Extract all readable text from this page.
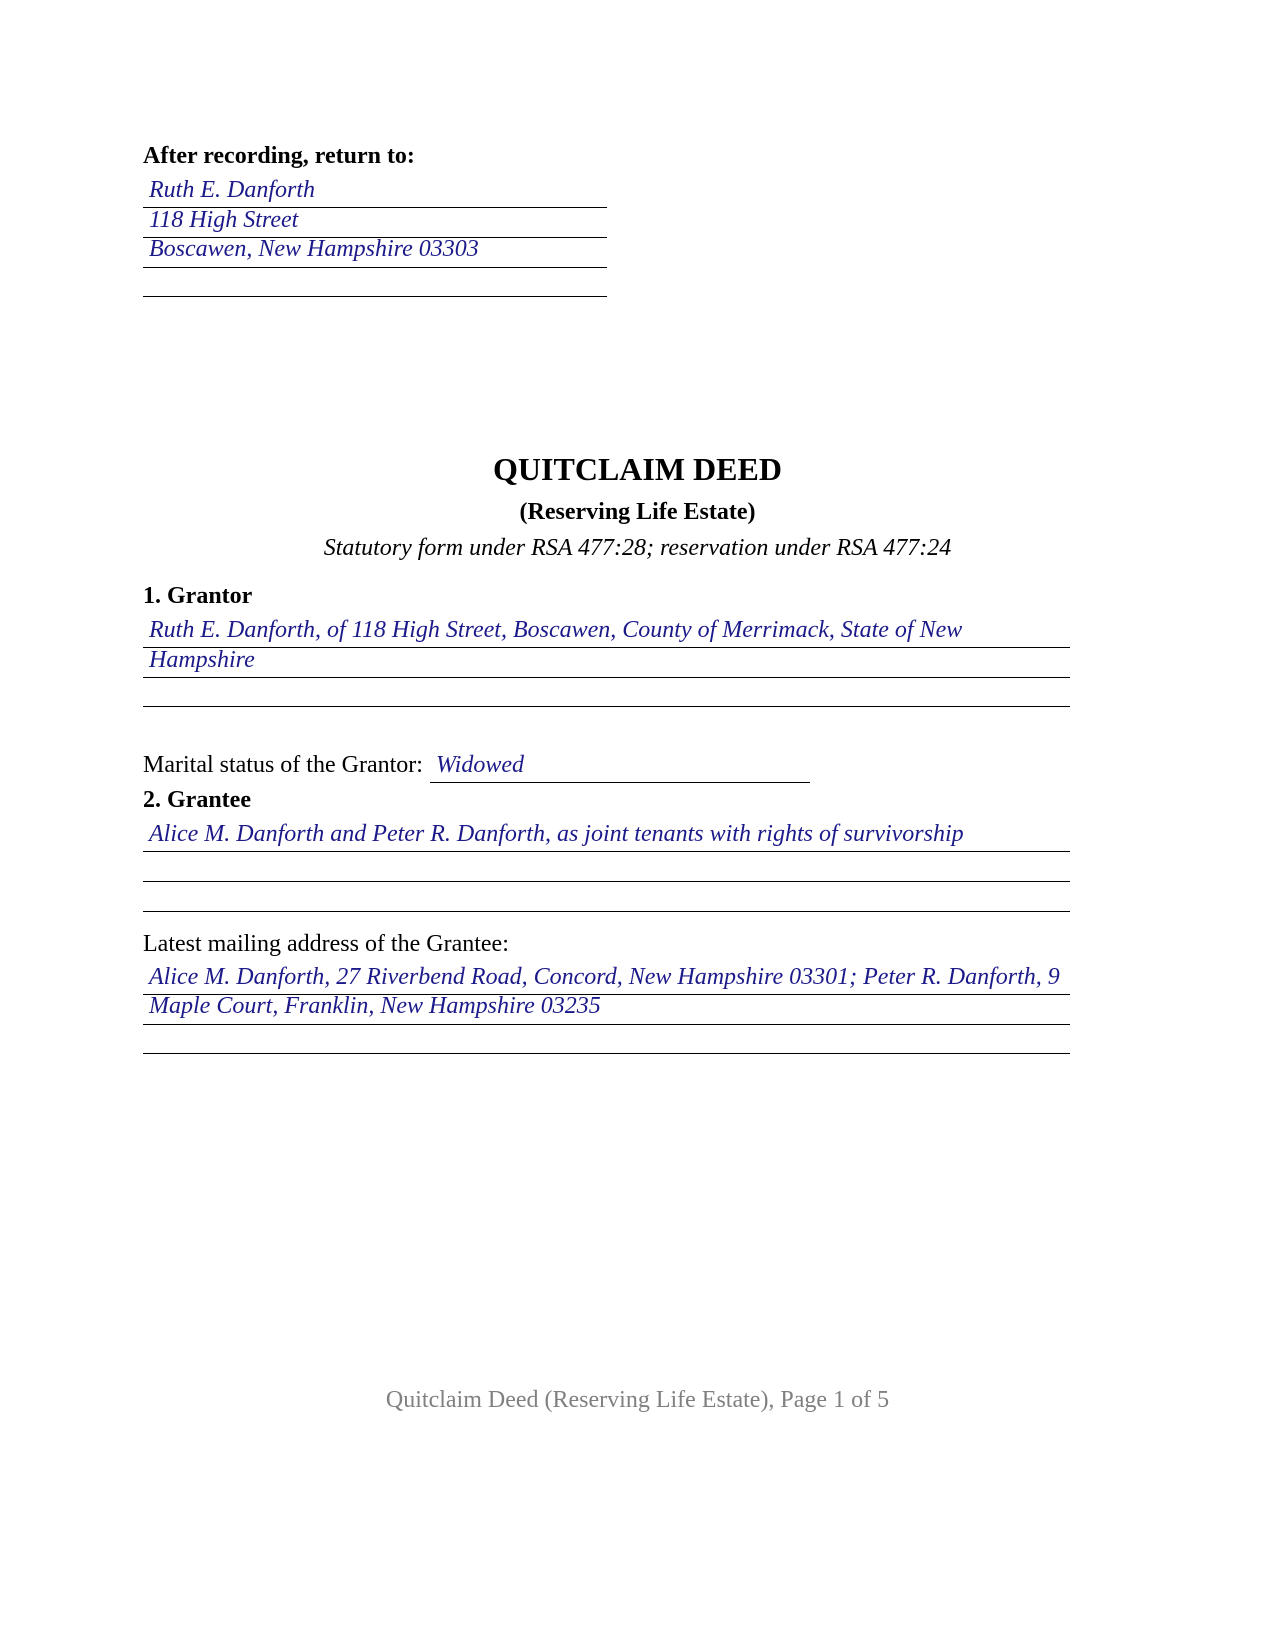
After recording, return to:
Ruth E. Danforth
118 High Street
Boscawen, New Hampshire 03303
QUITCLAIM DEED
(Reserving Life Estate)
Statutory form under RSA 477:28; reservation under RSA 477:24
1. Grantor
Ruth E. Danforth, of 118 High Street, Boscawen, County of Merrimack, State of New
Hampshire
Marital status of the Grantor: Widowed
2. Grantee
Alice M. Danforth and Peter R. Danforth, as joint tenants with rights of survivorship
Latest mailing address of the Grantee:
Alice M. Danforth, 27 Riverbend Road, Concord, New Hampshire 03301; Peter R. Danforth, 9
Maple Court, Franklin, New Hampshire 03235
Quitclaim Deed (Reserving Life Estate), Page 1 of 5
